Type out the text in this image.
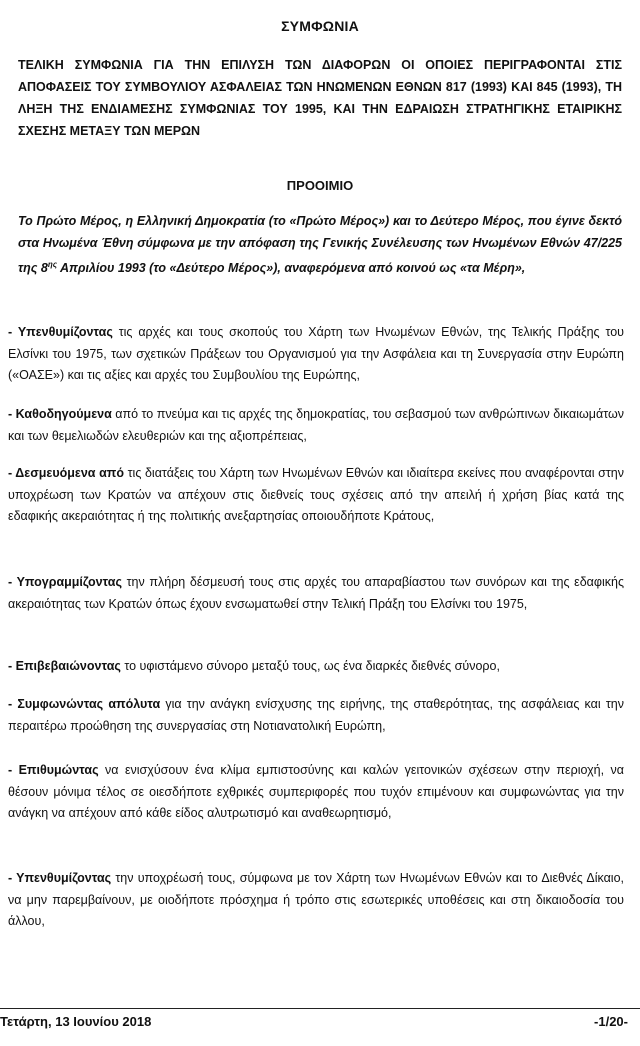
ΣΥΜΦΩΝΙΑ
ΤΕΛΙΚΗ ΣΥΜΦΩΝΙΑ ΓΙΑ ΤΗΝ ΕΠΙΛΥΣΗ ΤΩΝ ΔΙΑΦΟΡΩΝ ΟΙ ΟΠΟΙΕΣ ΠΕΡΙΓΡΑΦΟΝΤΑΙ ΣΤΙΣ ΑΠΟΦΑΣΕΙΣ ΤΟΥ ΣΥΜΒΟΥΛΙΟΥ ΑΣΦΑΛΕΙΑΣ ΤΩΝ ΗΝΩΜΕΝΩΝ ΕΘΝΩΝ 817 (1993) ΚΑΙ 845 (1993), ΤΗ ΛΗΞΗ ΤΗΣ ΕΝΔΙΑΜΕΣΗΣ ΣΥΜΦΩΝΙΑΣ ΤΟΥ 1995, ΚΑΙ ΤΗΝ ΕΔΡΑΙΩΣΗ ΣΤΡΑΤΗΓΙΚΗΣ ΕΤΑΙΡΙΚΗΣ ΣΧΕΣΗΣ ΜΕΤΑΞΥ ΤΩΝ ΜΕΡΩΝ
ΠΡΟΟΙΜΙΟ
Το Πρώτο Μέρος, η Ελληνική Δημοκρατία (το «Πρώτο Μέρος») και το Δεύτερο Μέρος, που έγινε δεκτό στα Ηνωμένα Έθνη σύμφωνα με την απόφαση της Γενικής Συνέλευσης των Ηνωμένων Εθνών 47/225 της $8^{\eta\varsigma}$ Απριλίου 1993 (το «Δεύτερο Μέρος»), αναφερόμενα από κοινού ως «τα Μέρη»,
- Υπενθυμίζοντας τις αρχές και τους σκοπούς του Χάρτη των Ηνωμένων Εθνών, της Τελικής Πράξης του Ελσίνκι του 1975, των σχετικών Πράξεων του Οργανισμού για την Ασφάλεια και τη Συνεργασία στην Ευρώπη («ΟΑΣΕ») και τις αξίες και αρχές του Συμβουλίου της Ευρώπης,
- Καθοδηγούμενα από το πνεύμα και τις αρχές της δημοκρατίας, του σεβασμού των ανθρώπινων δικαιωμάτων και των θεμελιωδών ελευθεριών και της αξιοπρέπειας,
- Δεσμευόμενα από τις διατάξεις του Χάρτη των Ηνωμένων Εθνών και ιδιαίτερα εκείνες που αναφέρονται στην υποχρέωση των Κρατών να απέχουν στις διεθνείς τους σχέσεις από την απειλή ή χρήση βίας κατά της εδαφικής ακεραιότητας ή της πολιτικής ανεξαρτησίας οποιουδήποτε Κράτους,
- Υπογραμμίζοντας την πλήρη δέσμευσή τους στις αρχές του απαραβίαστου των συνόρων και της εδαφικής ακεραιότητας των Κρατών όπως έχουν ενσωματωθεί στην Τελική Πράξη του Ελσίνκι του 1975,
- Επιβεβαιώνοντας το υφιστάμενο σύνορο μεταξύ τους, ως ένα διαρκές διεθνές σύνορο,
- Συμφωνώντας απόλυτα για την ανάγκη ενίσχυσης της ειρήνης, της σταθερότητας, της ασφάλειας και την περαιτέρω προώθηση της συνεργασίας στη Νοτιανατολική Ευρώπη,
- Επιθυμώντας να ενισχύσουν ένα κλίμα εμπιστοσύνης και καλών γειτονικών σχέσεων στην περιοχή, να θέσουν μόνιμα τέλος σε οιεσδήποτε εχθρικές συμπεριφορές που τυχόν επιμένουν και συμφωνώντας για την ανάγκη να απέχουν από κάθε είδος αλυτρωτισμό και αναθεωρητισμό,
- Υπενθυμίζοντας την υποχρέωσή τους, σύμφωνα με τον Χάρτη των Ηνωμένων Εθνών και το Διεθνές Δίκαιο, να μην παρεμβαίνουν, με οιοδήποτε πρόσχημα ή τρόπο στις εσωτερικές υποθέσεις και στη δικαιοδοσία του άλλου,
Τετάρτη, 13 Ιουνίου 2018	-1/20-
